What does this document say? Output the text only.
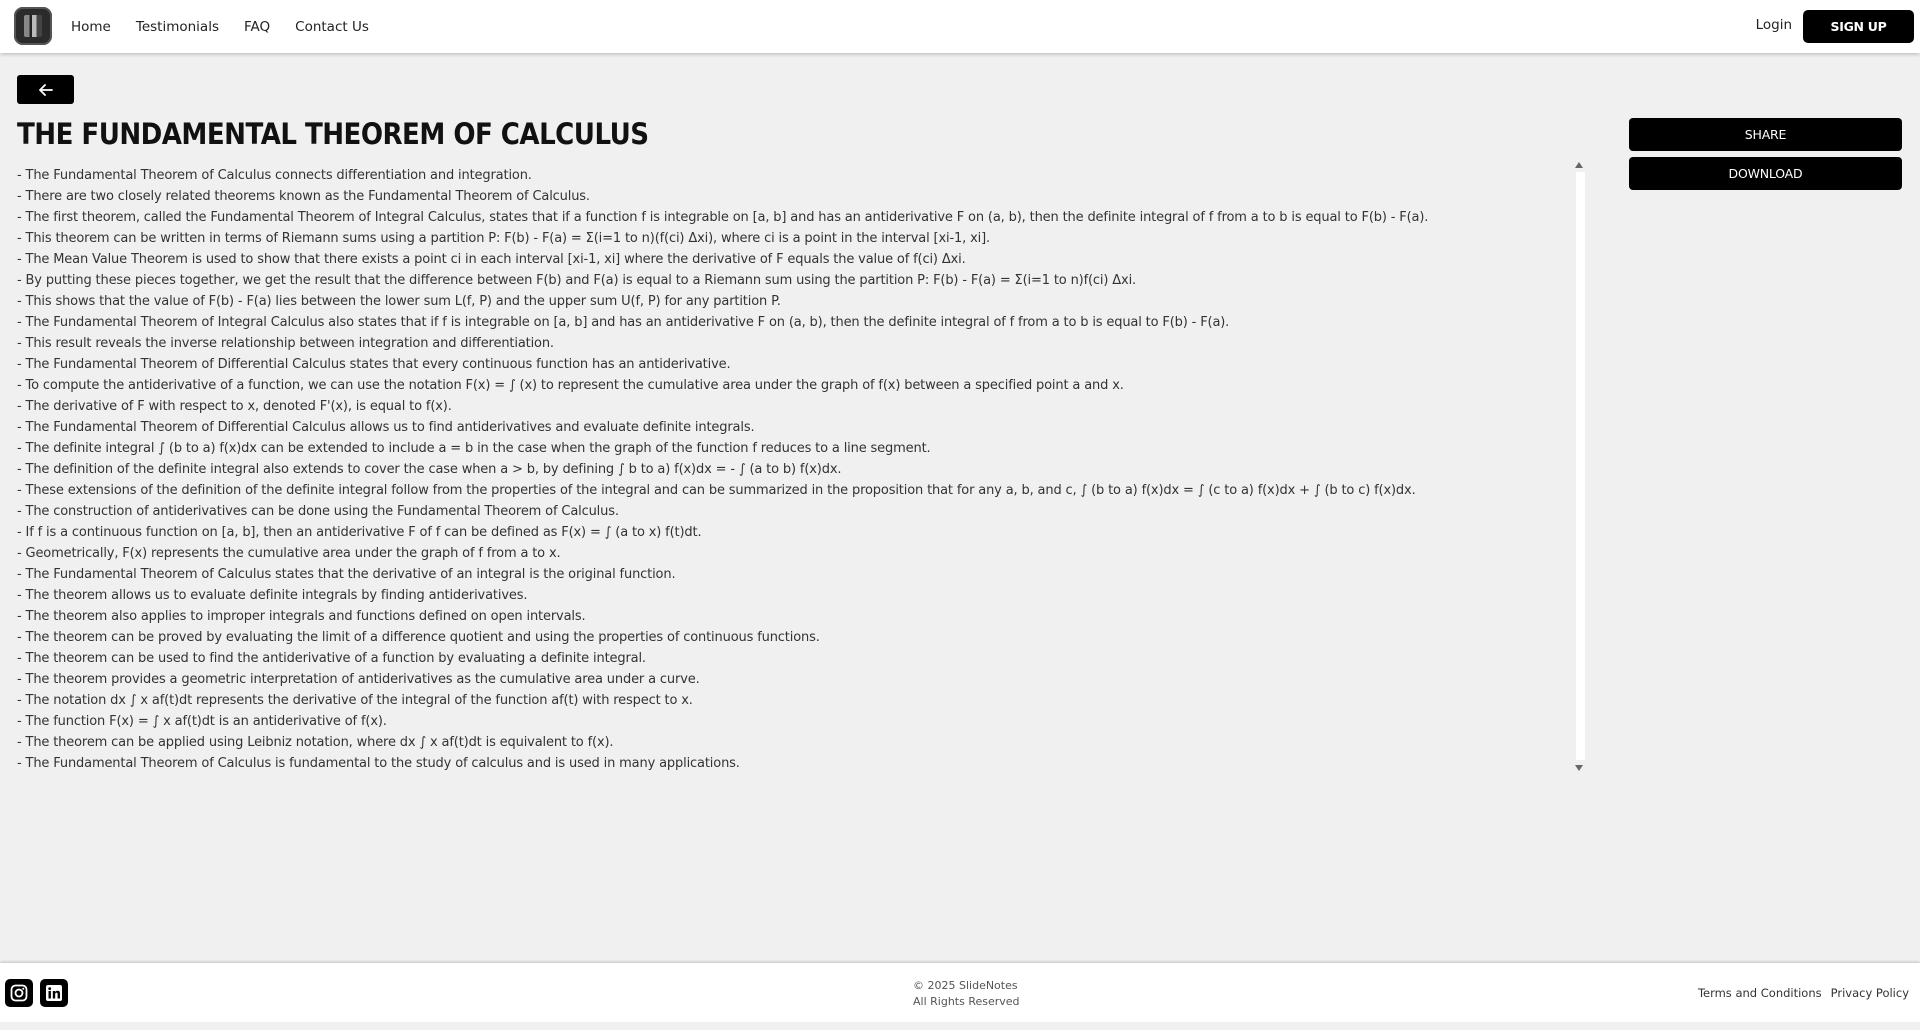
Home Testimonials FAQ Contact Us	Login	SIGN UP
THE FUNDAMENTAL THEOREM OF CALCULUS
- The Fundamental Theorem of Calculus connects differentiation and integration.
- There are two closely related theorems known as the Fundamental Theorem of Calculus.
- The first theorem, called the Fundamental Theorem of Integral Calculus, states that if a function f is integrable on [a, b] and has an antiderivative F on (a, b), then the definite integral of f from a to b is equal to F(b) - F(a).
- This theorem can be written in terms of Riemann sums using a partition P: F(b) - F(a) = Σ(i=1 to n)(f(ci) Δxi), where ci is a point in the interval [xi-1, xi].
- The Mean Value Theorem is used to show that there exists a point ci in each interval [xi-1, xi] where the derivative of F equals the value of f(ci) Δxi.
- By putting these pieces together, we get the result that the difference between F(b) and F(a) is equal to a Riemann sum using the partition P: F(b) - F(a) = Σ(i=1 to n)f(ci) Δxi.
- This shows that the value of F(b) - F(a) lies between the lower sum L(f, P) and the upper sum U(f, P) for any partition P.
- The Fundamental Theorem of Integral Calculus also states that if f is integrable on [a, b] and has an antiderivative F on (a, b), then the definite integral of f from a to b is equal to F(b) - F(a).
- This result reveals the inverse relationship between integration and differentiation.
- The Fundamental Theorem of Differential Calculus states that every continuous function has an antiderivative.
- To compute the antiderivative of a function, we can use the notation F(x) = ∫ (x) to represent the cumulative area under the graph of f(x) between a specified point a and x.
- The derivative of F with respect to x, denoted F'(x), is equal to f(x).
- The Fundamental Theorem of Differential Calculus allows us to find antiderivatives and evaluate definite integrals.
- The definite integral ∫ (b to a) f(x)dx can be extended to include a = b in the case when the graph of the function f reduces to a line segment.
- The definition of the definite integral also extends to cover the case when a > b, by defining ∫ b to a) f(x)dx = - ∫ (a to b) f(x)dx.
- These extensions of the definition of the definite integral follow from the properties of the integral and can be summarized in the proposition that for any a, b, and c, ∫ (b to a) f(x)dx = ∫ (c to a) f(x)dx + ∫ (b to c) f(x)dx.
- The construction of antiderivatives can be done using the Fundamental Theorem of Calculus.
- If f is a continuous function on [a, b], then an antiderivative F of f can be defined as F(x) = ∫ (a to x) f(t)dt.
- Geometrically, F(x) represents the cumulative area under the graph of f from a to x.
- The Fundamental Theorem of Calculus states that the derivative of an integral is the original function.
- The theorem allows us to evaluate definite integrals by finding antiderivatives.
- The theorem also applies to improper integrals and functions defined on open intervals.
- The theorem can be proved by evaluating the limit of a difference quotient and using the properties of continuous functions.
- The theorem can be used to find the antiderivative of a function by evaluating a definite integral.
- The theorem provides a geometric interpretation of antiderivatives as the cumulative area under a curve.
- The notation dx ∫ x af(t)dt represents the derivative of the integral of the function af(t) with respect to x.
- The function F(x) = ∫ x af(t)dt is an antiderivative of f(x).
- The theorem can be applied using Leibniz notation, where dx ∫ x af(t)dt is equivalent to f(x).
- The Fundamental Theorem of Calculus is fundamental to the study of calculus and is used in many applications.
SHARE
DOWNLOAD
© 2025 SlideNotes
All Rights Reserved
Terms and Conditions Privacy Policy
